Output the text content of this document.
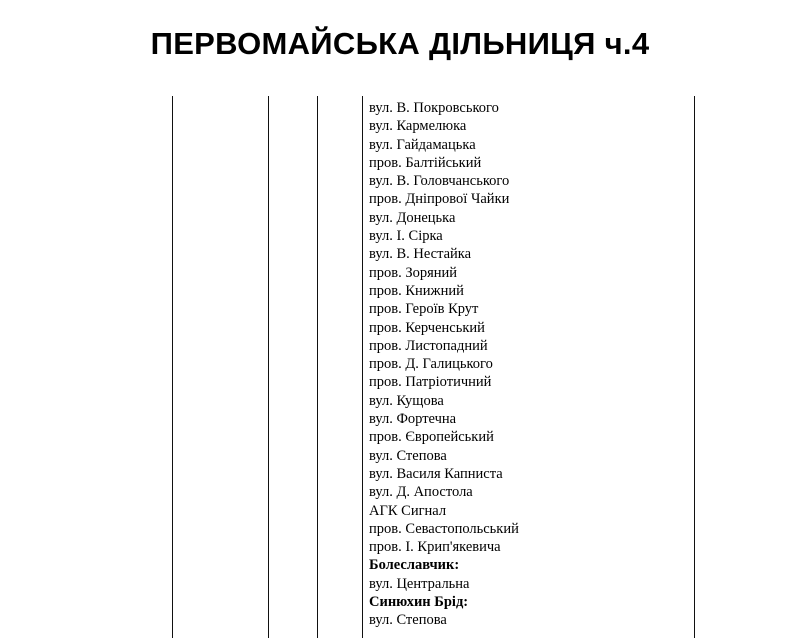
ПЕРВОМАЙСЬКА ДІЛЬНИЦЯ ч.4
вул. В. Покровського
вул. Кармелюка
вул. Гайдамацька
пров. Балтійський
вул. В. Головчанського
пров. Дніпрової Чайки
вул. Донецька
вул. І. Сірка
вул. В. Нестайка
пров. Зоряний
пров. Книжний
пров. Героїв Крут
пров. Керченський
пров. Листопадний
пров. Д. Галицького
пров. Патріотичний
вул. Кущова
вул. Фортечна
пров. Європейський
вул. Степова
вул. Василя Капниста
вул. Д. Апостола
АГК Сигнал
пров. Севастопольський
пров. І. Крип'якевича
Болеславчик:
вул. Центральна
Синюхин Брід:
вул. Степова
